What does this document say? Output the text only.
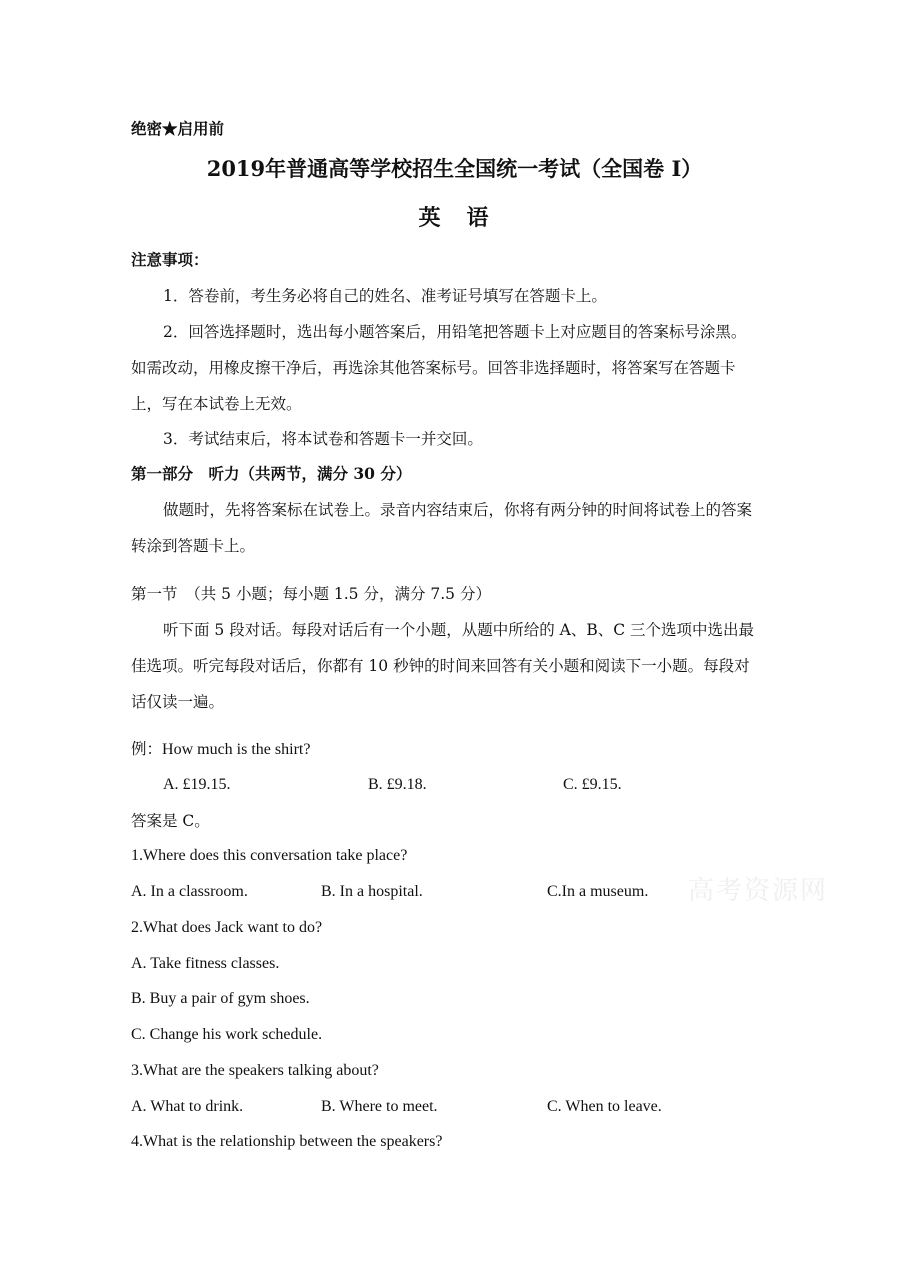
绝密★启用前
2019年普通高等学校招生全国统一考试（全国卷 I）
英　语
注意事项：
1．答卷前，考生务必将自己的姓名、准考证号填写在答题卡上。
2．回答选择题时，选出每小题答案后，用铅笔把答题卡上对应题目的答案标号涂黑。
如需改动，用橡皮擦干净后，再选涂其他答案标号。回答非选择题时，将答案写在答题卡
上，写在本试卷上无效。
3．考试结束后，将本试卷和答题卡一并交回。
第一部分　听力（共两节，满分 30 分）
做题时，先将答案标在试卷上。录音内容结束后，你将有两分钟的时间将试卷上的答案
转涂到答题卡上。
第一节　（共 5 小题；每小题 1.5 分，满分 7.5 分）
听下面 5 段对话。每段对话后有一个小题，从题中所给的 A、B、C 三个选项中选出最
佳选项。听完每段对话后，你都有 10 秒钟的时间来回答有关小题和阅读下一小题。每段对
话仅读一遍。
例：How much is the shirt?
A. £19.15.	B. £9.18.	C. £9.15.
答案是 C。
1.Where does this conversation take place?
A. In a classroom.	B. In a hospital.	C.In a museum.
2.What does Jack want to do?
A. Take fitness classes.
B. Buy a pair of gym shoes.
C. Change his work schedule.
3.What are the speakers talking about?
A. What to drink.	B. Where to meet.	C. When to leave.
4.What is the relationship between the speakers?
高考资源网
